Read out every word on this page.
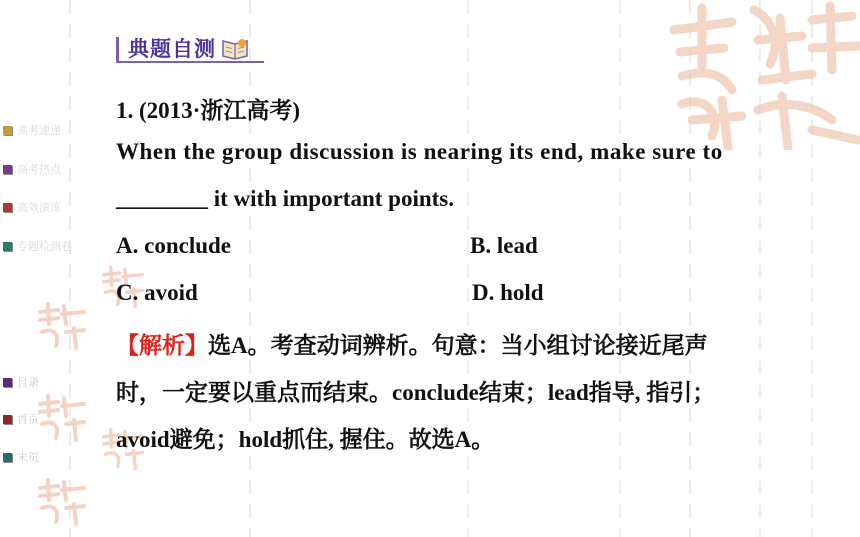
高考速递
高考热点
高效演练
专题检测卷
目录
首页
末页
典题自测
1. (2013·浙江高考)
When the group discussion is nearing its end, make sure to
________ it with important points.
A. conclude	B. lead
C. avoid	D. hold
【解析】选A。考查动词辨析。句意：当小组讨论接近尾声
时，一定要以重点而结束。conclude结束；lead指导, 指引；
avoid避免；hold抓住, 握住。故选A。
